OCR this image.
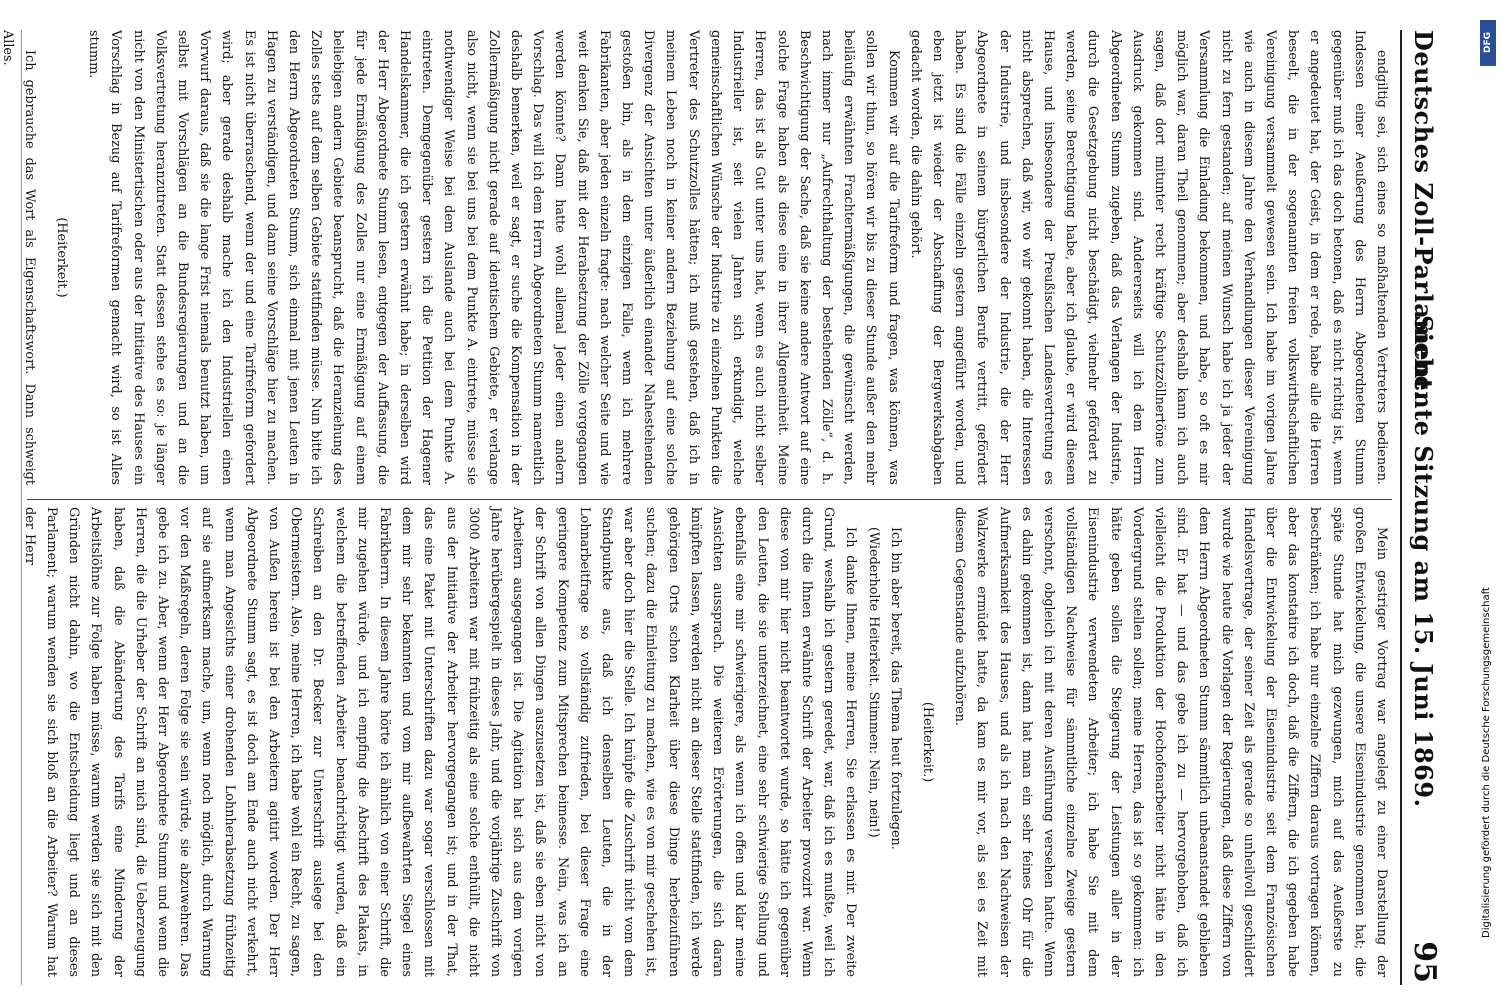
Deutsches Zoll-Parlament.
Siebente Sitzung am 15. Juni 1869.
95

endgiltig sei, sich eines so maßhaltenden Vertreters bedienen. Indessen einer Aeußerung des Herrn Abgeordneten Stumm gegenüber muß ich das doch betonen, daß es nicht richtig ist, wenn er angedeutet hat, der Geist, in dem er rede, habe alle die Herren beseelt, die in der sogenannten freien volkswirthschaftlichen Vereinigung versammelt gewesen sein. Ich habe im vorigen Jahre wie auch in diesem Jahre den Verhandlungen dieser Vereinigung nicht zu fern gestanden; auf meinen Wunsch habe ich ja jeder der Versammlung die Einladung bekommen, und habe, so oft es mir möglich war, daran Theil genommen; aber deshalb kann ich auch sagen, daß dort mitunter recht kräftige Schutzzöllnertöne zum Ausdruck gekommen sind. Andererseits will ich dem Herrn Abgeordneten Stumm zugeben, daß das Verlangen der Industrie, durch die Gesetzgebung nicht beschädigt, vielmehr gefördert zu werden, seine Berechtigung habe, aber ich glaube, er wird diesem Hause, und insbesondere der Preußischen Landesvertretung es nicht absprechen, daß wir, wo wir gekonnt haben, die Interessen der Industrie, und insbesondere der Industrie, die der Herr Abgeordnete in seinem bürgerlichen Berufe vertritt, gefördert haben. Es sind die Fälle einzeln gestern angeführt worden, und eben jetzt ist wieder der Abschaffung der Bergwerksabgaben gedacht worden, die dahin gehört.

Kommen wir auf die Tarifreform und fragen, was können, was sollen wir thun, so hören wir bis zu dieser Stunde außer den mehr beiläufig erwähnten Frachtermäßigungen, die gewünscht werden, nach immer nur „Aufrechthaltung der bestehenden Zölle“, d. h. Beschwichtigung der Sache, daß sie keine andere Antwort auf eine solche Frage haben als diese eine in ihrer Allgemeinheit. Meine Herren, das ist als Gut unter uns hat, wenn es auch nicht selber Industrieller ist, seit vielen Jahren sich erkundigt, welche gemeinschaftlichen Wünsche der Industrie zu einzelnen Punkten die Vertreter des Schutzzolles hätten; ich muß gestehen, daß ich in meinem Leben noch in keiner andern Beziehung auf eine solche Divergenz der Ansichten unter äußerlich einander Nahestehenden gestoßen bin, als in dem einzigen Falle, wenn ich mehrere Fabrikanten, aber jeden einzeln fragte: nach welcher Seite und wie weit denken Sie, daß mit der Herabsetzung der Zölle vorgegangen werden könnte? Dann hatte wohl allemal Jeder einen andern Vorschlag. Das will ich dem Herrn Abgeordneten Stumm namentlich deshalb bemerken, weil er sagt, er suche die Kompensation in der Zollermäßigung nicht gerade auf identischem Gebiete, er verlange also nicht, wenn sie bei uns bei dem Punkte A. eintrete, müsse sie nothwendiger Weise bei dem Auslande auch bei dem Punkte A. eintreten. Demgegenüber gestern ich die Petition der Hagener Handelskammer, die ich gestern erwähnt habe; in derselben wird der Herr Abgeordnete Stumm lesen, entgegen der Auffassung, die für jede Ermäßigung des Zolles nur eine Ermäßigung auf einem beliebigen andern Gebiete beansprucht, daß die Heranziehung des Zolles stets auf dem selben Gebiete stattfinden müsse. Nun bitte ich den Herrn Abgeordneten Stumm, sich einmal mit jenen Leuten in Hagen zu verständigen, und dann seine Vorschläge hier zu machen. Es ist nicht überraschend, wenn der und eine Tarifreform gefordert wird; aber gerade deshalb mache ich den Industriellen einen Vorwurf daraus, daß sie die lange Frist niemals benutzt haben, um selbst mit Vorschlägen an die Bundesregierungen und an die Volksvertretung heranzutreten. Statt dessen stehe es so: je länger nicht von den Ministertischen oder aus der Initiative des Hauses ein Vorschlag in Bezug auf Tarifreformen gemacht wird, so ist Alles stumm.

(Heiterkeit.)

Ich gebrauche das Wort als Eigenschaftswort. Dann schweigt Alles.

Mein gestriger Vortrag war angelegt zu einer Darstellung der großen Entwickelung, die unsere Eisenindustrie genommen hat; die späte Stunde hat mich gezwungen, mich auf das Aeußerste zu beschränken; ich habe nur einzelne Ziffern daraus vortragen können, aber das konstatire ich doch, daß die Ziffern, die ich gegeben habe über die Entwickelung der Eisenindustrie seit dem Französischen Handelsvertrage, der seiner Zeit als gerade so unheilvoll geschildert wurde wie heute die Vorlagen der Regierungen, daß diese Ziffern von dem Herrn Abgeordneten Stumm sämmtlich unbeanstandet geblieben sind. Er hat — und das gebe ich zu — hervorgehoben, daß ich vielleicht die Produktion der Hochofenarbeiter nicht hätte in den Vordergrund stellen sollen; meine Herren, das ist so gekommen: ich hätte geben sollen die Steigerung der Leistungen aller in der Eisenindustrie verwendeten Arbeiter; ich habe Sie mit dem vollständigen Nachweise für sämmtliche einzelne Zweige gestern verschont, obgleich ich mit deren Ausführung versehen hatte. Wenn es dahin gekommen ist, dann hat man ein sehr feines Ohr für die Aufmerksamkeit des Hauses, und als ich nach den Nachweisen der Walzwerke ermüdet hatte, da kam es mir vor, als sei es Zeit mit diesem Gegenstande aufzuhören.

(Heiterkeit.)

Ich bin aber bereit, das Thema heut fortzulegen.

(Wiederholte Heiterkeit. Stimmen: Nein, nein!)

Ich danke Ihnen, meine Herren, Sie erlassen es mir. Der zweite Grund, weshalb ich gestern geredet, war, daß ich es mußte, weil ich durch die Ihnen erwähnte Schrift der Arbeiter provozirt war. Wenn diese von mir hier nicht beantwortet wurde, so hätte ich gegenüber den Leuten, die sie unterzeichnet, eine sehr schwierige Stellung und ebenfalls eine mir schwierigere, als wenn ich offen und klar meine Ansichten aussprach. Die weiteren Erörterungen, die sich daran knüpften lassen, werden nicht an dieser Stelle stattfinden, ich werde gehörigen Orts schon Klarheit über diese Dinge herbeizuführen suchen; dazu die Einleitung zu machen, wie es von mir geschehen ist, war aber doch hier die Stelle. Ich knüpfe die Zuschrift nicht vom dem Standpunkte aus, daß ich denselben Leuten, die in der Lohnarbeitfrage so vollständig zufrieden, bei dieser Frage eine geringere Kompetenz zum Mitsprechen beimesse. Nein, was ich an der Schrift von allen Dingen auszusetzen ist, daß sie eben nicht von Arbeitern ausgegangen ist. Die Agitation hat sich aus dem vorigen Jahre herübergespielt in dieses Jahr, und die vorjährige Zuschrift von 3000 Arbeitern war mit frühzeitig als eine solche enthüllt, die nicht aus der Initiative der Arbeiter hervorgegangen ist; und in der That, das eine Paket mit Unterschriften dazu war sogar verschlossen mit dem mir sehr bekannten und vom mir aufbewahrten Siegel eines Fabrikherrn. In diesem Jahre hörte ich ähnlich von einer Schrift, die mir zugehen würde, und ich empfing die Abschrift des Plakats, in welchem die betreffenden Arbeiter benachrichtigt wurden, daß ein Schreiben an den Dr. Becker zur Unterschrift auslege bei den Obermeistern. Also, meine Herren, ich habe wohl ein Recht, zu sagen, von Außen herein ist bei den Arbeitern agitirt worden. Der Herr Abgeordnete Stumm sagt, es ist doch am Ende auch nicht verkehrt, wenn man Angesichts einer drohenden Lohnherabsetzung frühzeitig auf sie aufmerksam mache, um, wenn noch möglich, durch Warnung vor den Maßregeln, deren Folge sie sein würde, sie abzuwehren. Das gebe ich zu. Aber, wenn der Herr Abgeordnete Stumm und wenn die Herren, die die Urheber der Schrift an mich sind, die Ueberzeugung haben, daß die Abänderung des Tarifs eine Minderung der Arbeitslöhne zur Folge haben müsse, warum werden sie sich mit den Gründen nicht dahin, wo die Entscheidung liegt und an dieses Parlament; warum wenden sie sich bloß an die Arbeiter? Warum hat der Herr

DFG
Digitalisierung gefördert durch die Deutsche Forschungsgemeinschaft
